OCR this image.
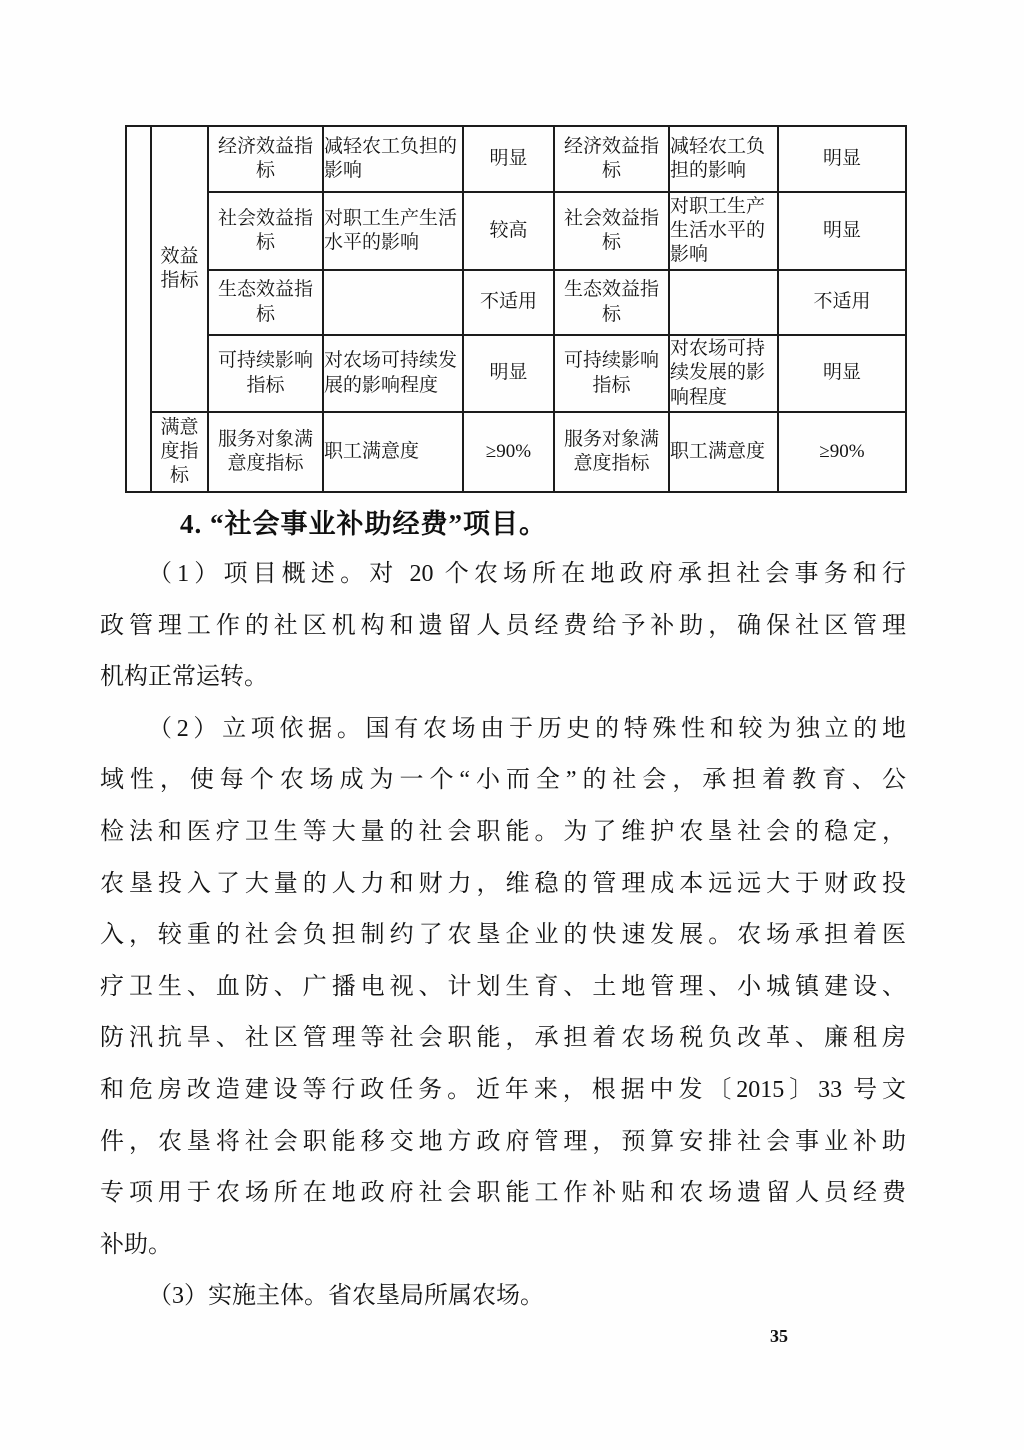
	效益指标	经济效益指标	减轻农工负担的影响	明显	经济效益指标	减轻农工负担的影响	明显
		社会效益指标	对职工生产生活水平的影响	较高	社会效益指标	对职工生产生活水平的影响	明显
		生态效益指标		不适用	生态效益指标		不适用
		可持续影响指标	对农场可持续发展的影响程度	明显	可持续影响指标	对农场可持续发展的影响程度	明显
	满意度指标	服务对象满意度指标	职工满意度	≥90%	服务对象满意度指标	职工满意度	≥90%
4. “社会事业补助经费”项目。
（1）项目概述。对 20 个农场所在地政府承担社会事务和行
政管理工作的社区机构和遗留人员经费给予补助，确保社区管理
机构正常运转。
（2）立项依据。国有农场由于历史的特殊性和较为独立的地
域性，使每个农场成为一个“小而全”的社会，承担着教育、公
检法和医疗卫生等大量的社会职能。为了维护农垦社会的稳定，
农垦投入了大量的人力和财力，维稳的管理成本远远大于财政投
入，较重的社会负担制约了农垦企业的快速发展。农场承担着医
疗卫生、血防、广播电视、计划生育、土地管理、小城镇建设、
防汛抗旱、社区管理等社会职能，承担着农场税负改革、廉租房
和危房改造建设等行政任务。近年来，根据中发〔2015〕33 号文
件，农垦将社会职能移交地方政府管理，预算安排社会事业补助
专项用于农场所在地政府社会职能工作补贴和农场遗留人员经费
补助。
（3）实施主体。省农垦局所属农场。
35
